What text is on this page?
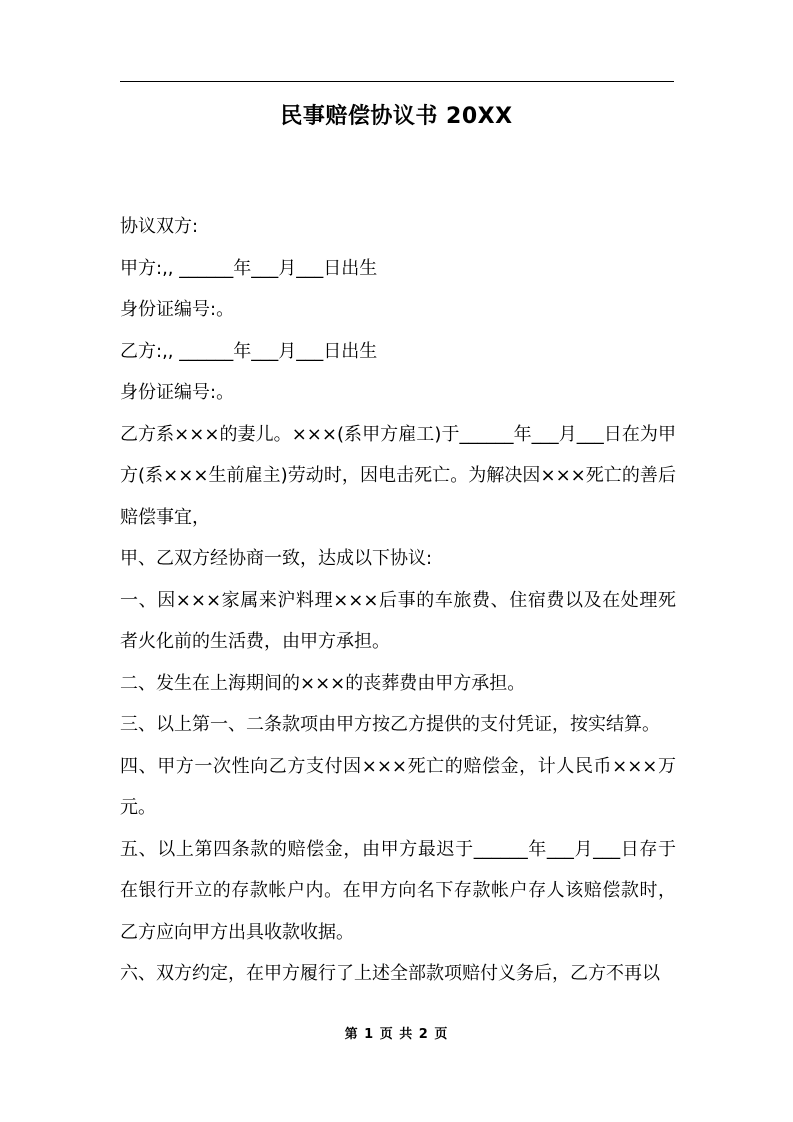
民事赔偿协议书 20XX

协议双方:

甲方:,, ______年___月___日出生

身份证编号:。

乙方:,, ______年___月___日出生

身份证编号:。

乙方系×××的妻儿。×××(系甲方雇工)于______年___月___日在为甲方(系×××生前雇主)劳动时，因电击死亡。为解决因×××死亡的善后赔偿事宜，

甲、乙双方经协商一致，达成以下协议:

一、因×××家属来沪料理×××后事的车旅费、住宿费以及在处理死者火化前的生活费，由甲方承担。

二、发生在上海期间的×××的丧葬费由甲方承担。

三、以上第一、二条款项由甲方按乙方提供的支付凭证，按实结算。

四、甲方一次性向乙方支付因×××死亡的赔偿金，计人民币×××万元。

五、以上第四条款的赔偿金，由甲方最迟于______年___月___日存于在银行开立的存款帐户内。在甲方向名下存款帐户存人该赔偿款时，乙方应向甲方出具收款收据。

六、双方约定，在甲方履行了上述全部款项赔付义务后，乙方不再以

第 1 页 共 2 页
